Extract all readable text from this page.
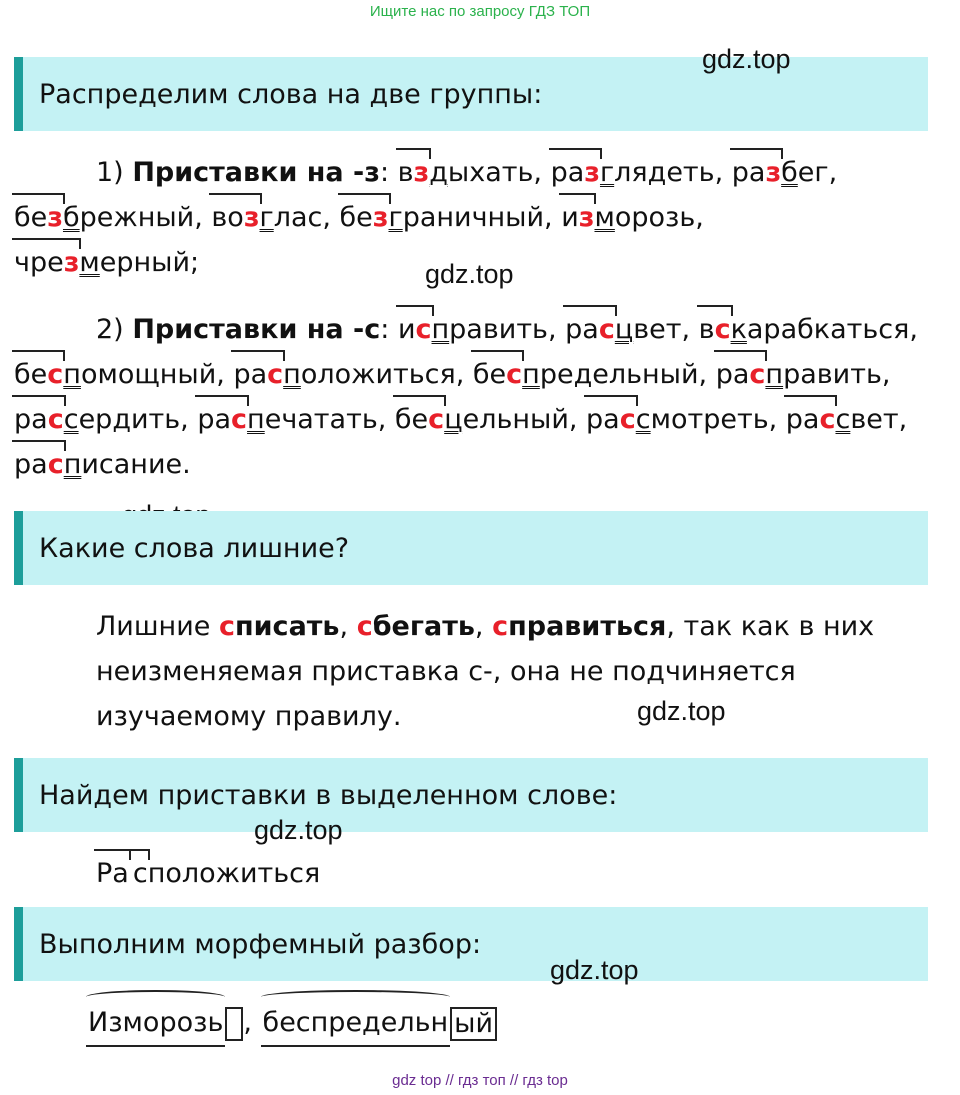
Ищите нас по запросу ГДЗ ТОП
Распределим слова на две группы:
gdz.top

1) Приставки на -з: вздыхать, разглядеть, разбег,

безбрежный, возглас, безграничный, изморозь,

чрезмерный;	gdz.top

2) Приставки на -с: исправить, расцвет, вскарабкаться,

беспомощный, расположиться, беспредельный, расправить,

рассердить, распечатать, бесцельный, рассмотреть, рассвет,

расписание.

Какие слова лишние?

Лишние списать, сбегать, справиться, так как в них неизменяемая приставка с-, она не подчиняется изучаемому правилу.	gdz.top
Найдем приставки в выделенном слове:
gdz.top
Ра сположиться
Выполним морфемный разбор:
gdz.top
Изморозь , беспредельн ый
gdz top // гдз топ // гдз top
